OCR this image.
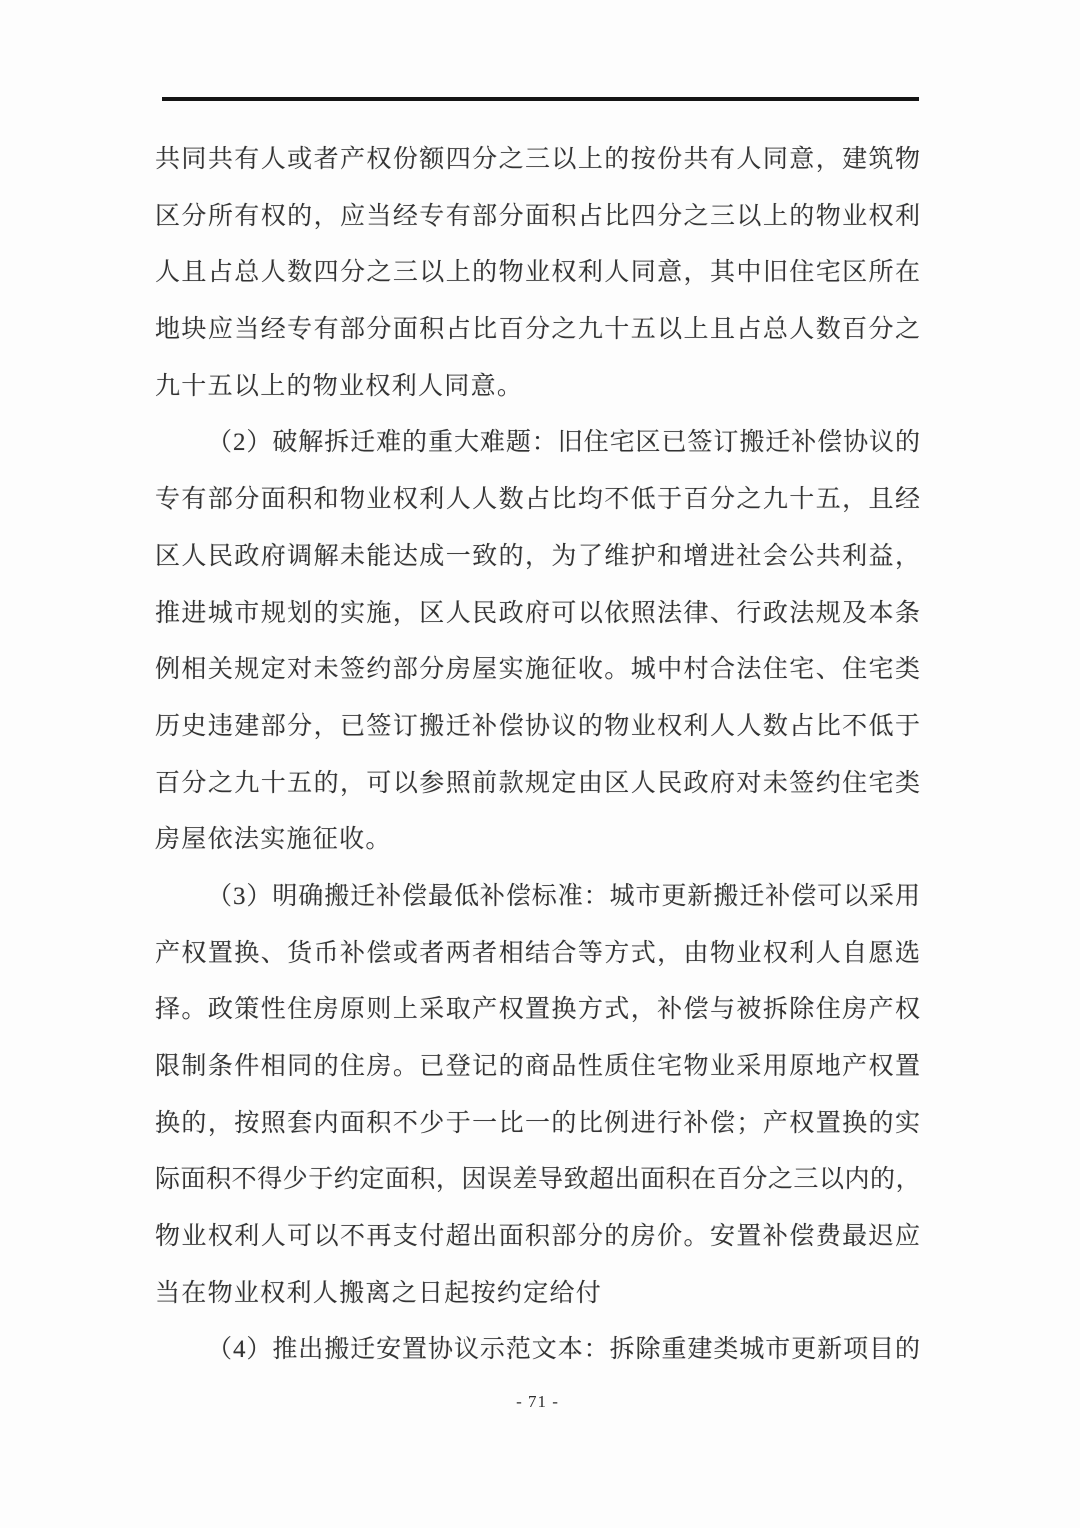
共同共有人或者产权份额四分之三以上的按份共有人同意，建筑物
区分所有权的，应当经专有部分面积占比四分之三以上的物业权利
人且占总人数四分之三以上的物业权利人同意，其中旧住宅区所在
地块应当经专有部分面积占比百分之九十五以上且占总人数百分之
九十五以上的物业权利人同意。
（2）破解拆迁难的重大难题：旧住宅区已签订搬迁补偿协议的
专有部分面积和物业权利人人数占比均不低于百分之九十五，且经
区人民政府调解未能达成一致的，为了维护和增进社会公共利益，
推进城市规划的实施，区人民政府可以依照法律、行政法规及本条
例相关规定对未签约部分房屋实施征收。城中村合法住宅、住宅类
历史违建部分，已签订搬迁补偿协议的物业权利人人数占比不低于
百分之九十五的，可以参照前款规定由区人民政府对未签约住宅类
房屋依法实施征收。
（3）明确搬迁补偿最低补偿标准：城市更新搬迁补偿可以采用
产权置换、货币补偿或者两者相结合等方式，由物业权利人自愿选
择。政策性住房原则上采取产权置换方式，补偿与被拆除住房产权
限制条件相同的住房。已登记的商品性质住宅物业采用原地产权置
换的，按照套内面积不少于一比一的比例进行补偿；产权置换的实
际面积不得少于约定面积，因误差导致超出面积在百分之三以内的，
物业权利人可以不再支付超出面积部分的房价。安置补偿费最迟应
当在物业权利人搬离之日起按约定给付
（4）推出搬迁安置协议示范文本：拆除重建类城市更新项目的
- 71 -
